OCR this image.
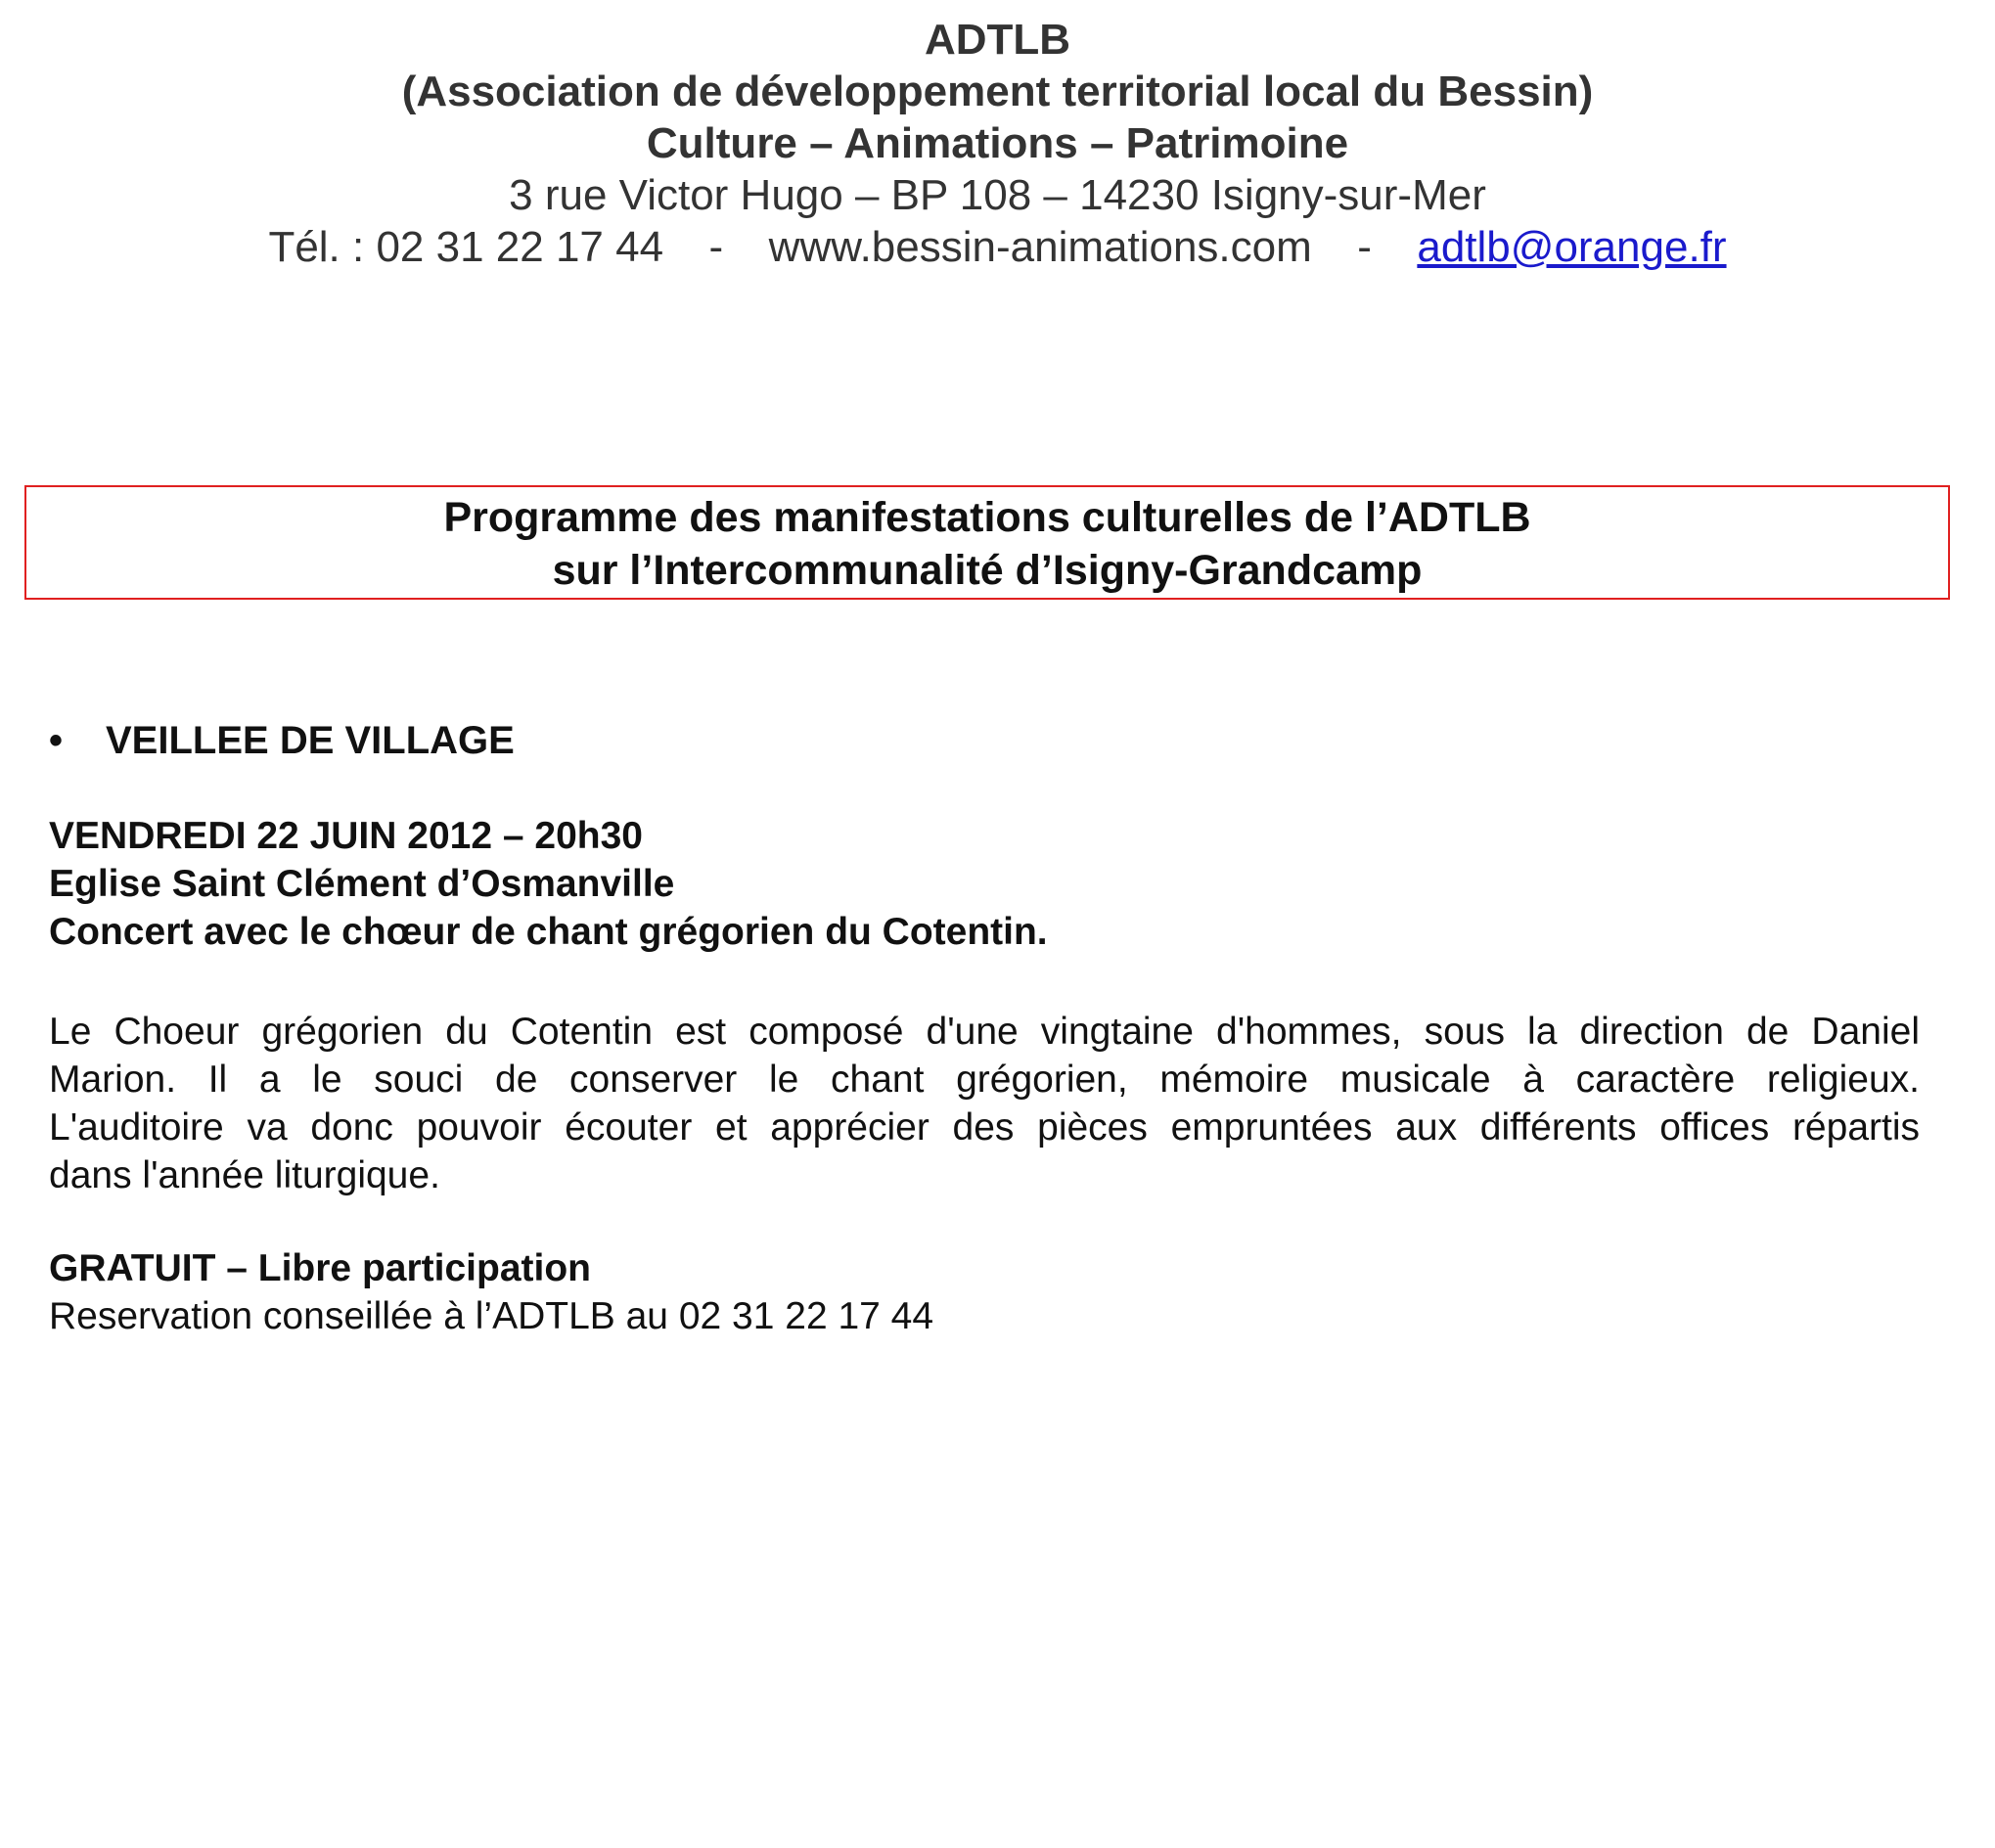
ADTLB
(Association de développement territorial local du Bessin)
Culture – Animations – Patrimoine
3 rue Victor Hugo – BP 108 – 14230 Isigny-sur-Mer
Tél. : 02 31 22 17 44 - www.bessin-animations.com - adtlb@orange.fr
Programme des manifestations culturelles de l’ADTLB
sur l’Intercommunalité d’Isigny-Grandcamp
• VEILLEE DE VILLAGE
VENDREDI 22 JUIN 2012 – 20h30
Eglise Saint Clément d’Osmanville
Concert avec le chœur de chant grégorien du Cotentin.
Le Choeur grégorien du Cotentin est composé d'une vingtaine d'hommes, sous la direction de Daniel
Marion. Il a le souci de conserver le chant grégorien, mémoire musicale à caractère religieux.
L'auditoire va donc pouvoir écouter et apprécier des pièces empruntées aux différents offices répartis
dans l'année liturgique.
GRATUIT – Libre participation
Reservation conseillée à l’ADTLB au 02 31 22 17 44
